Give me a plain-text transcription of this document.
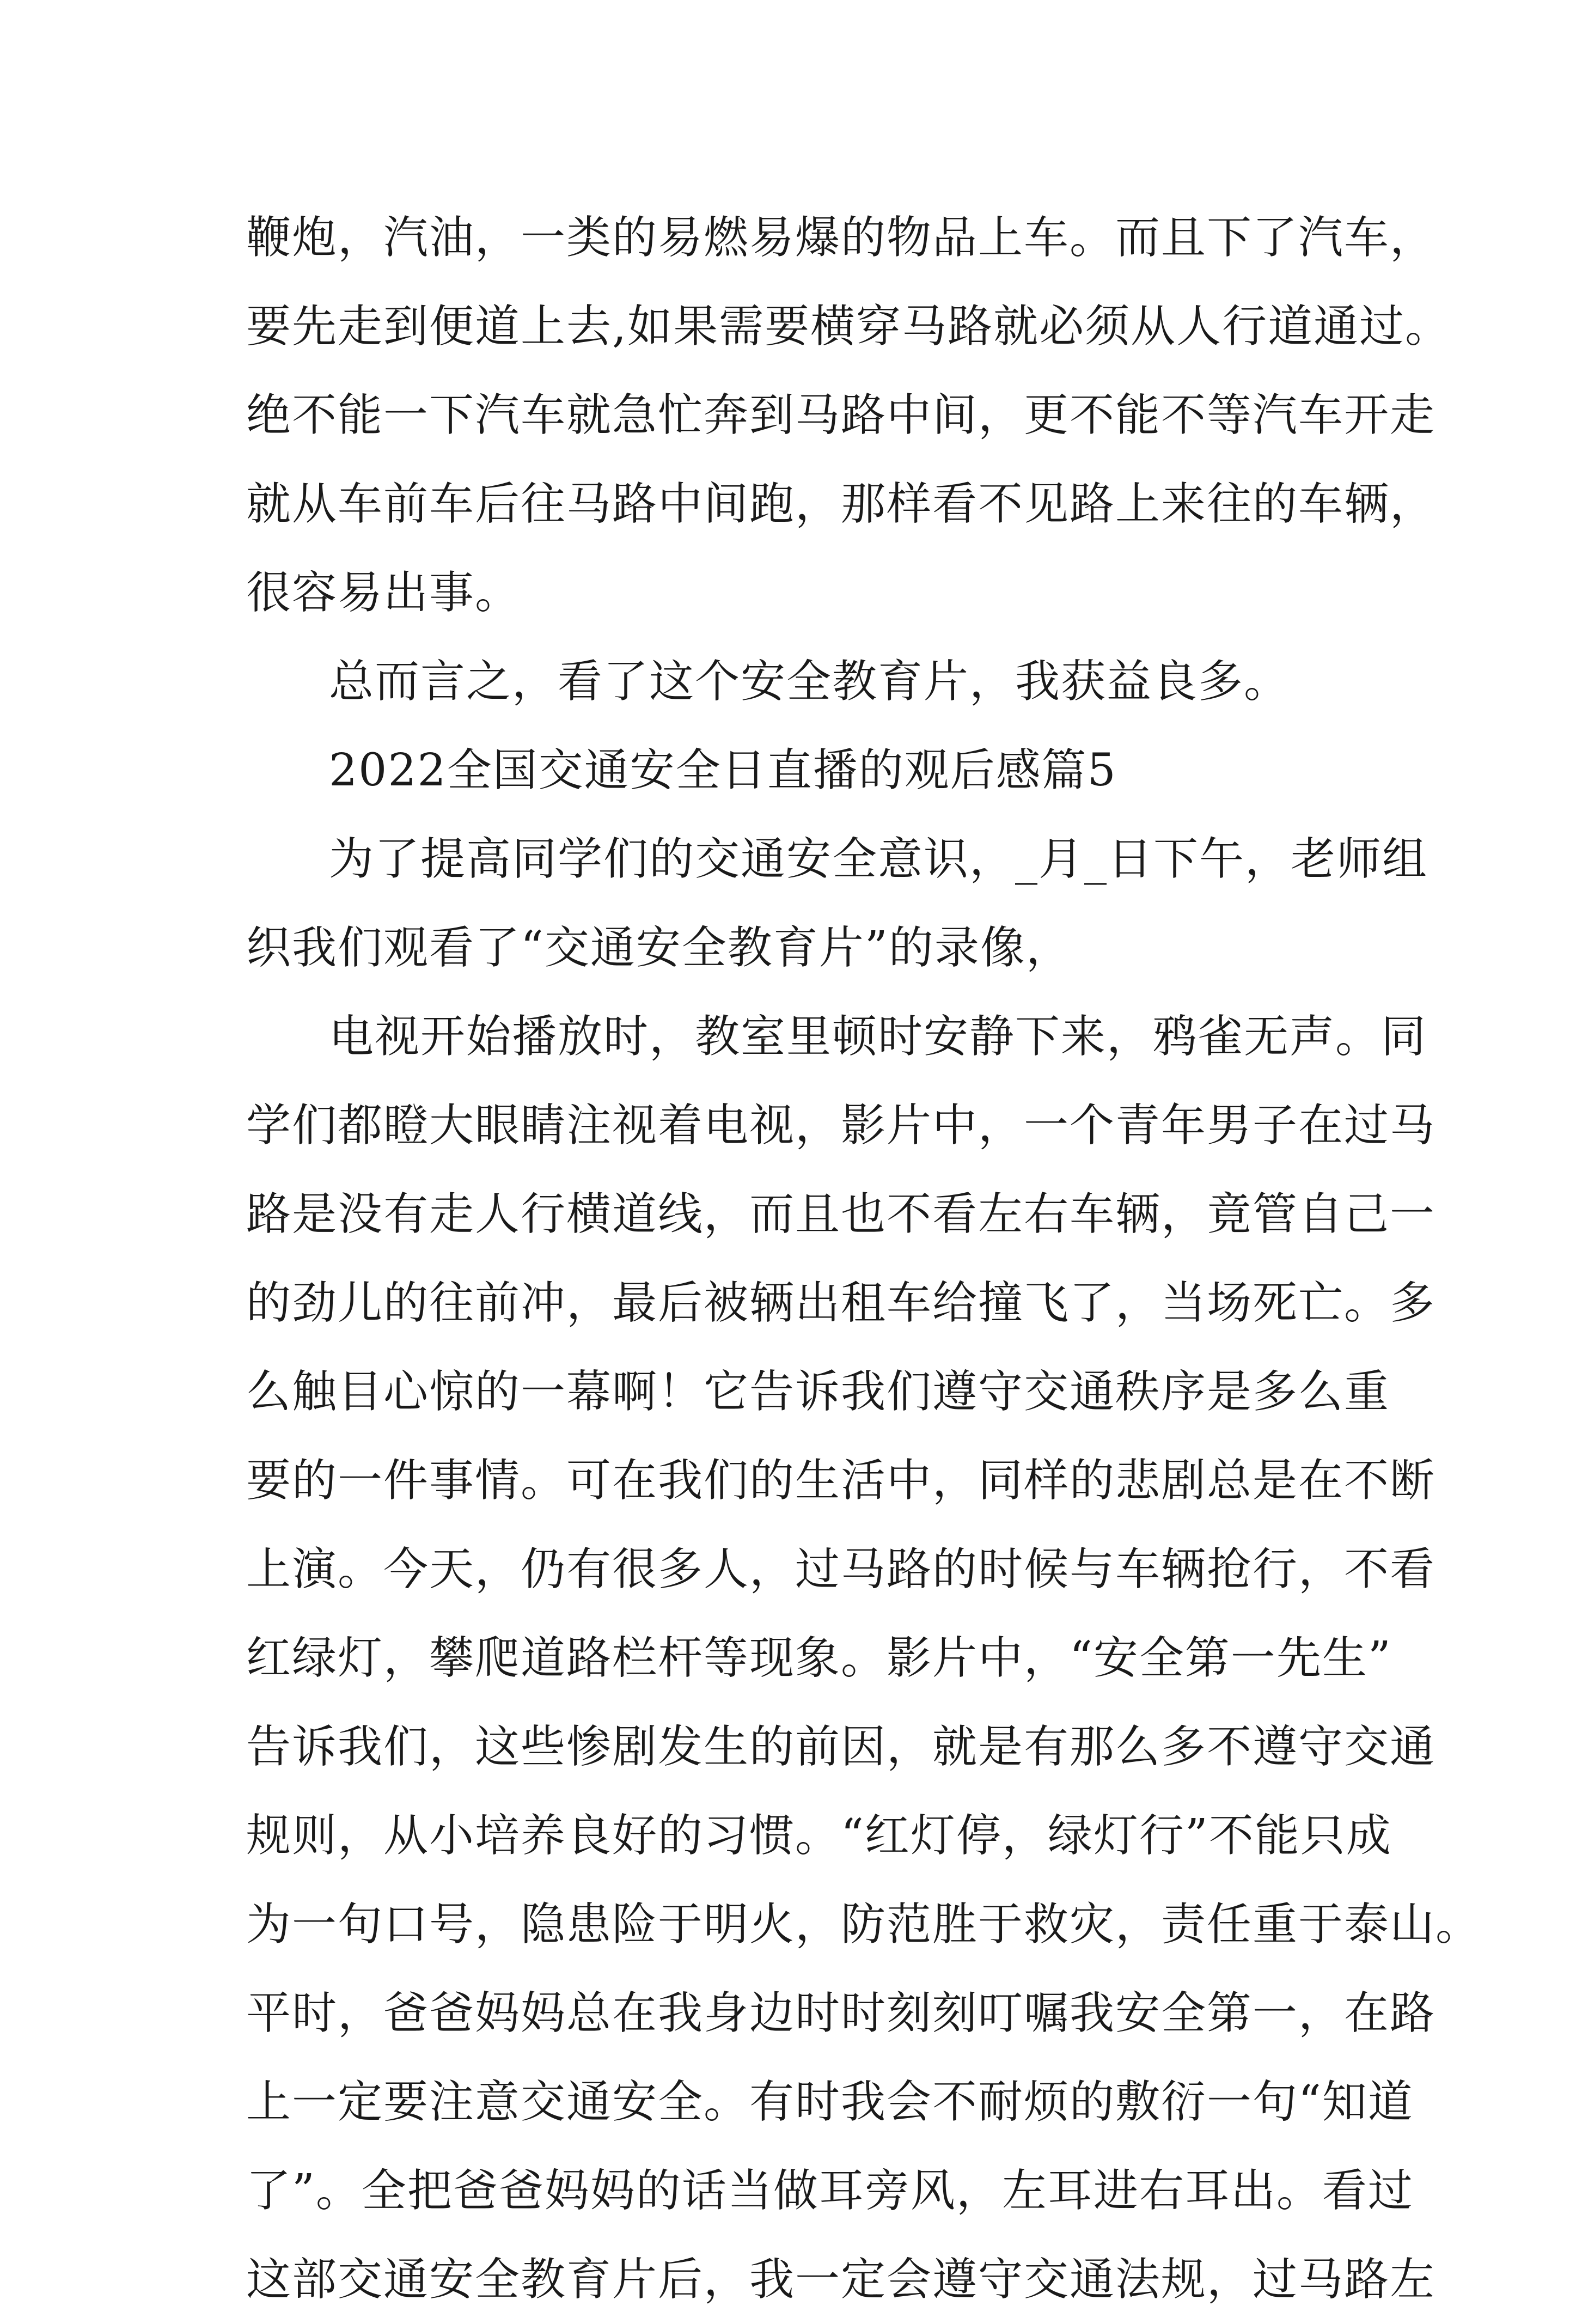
鞭炮，汽油，一类的易燃易爆的物品上车。而且下了汽车，
要先走到便道上去,如果需要横穿马路就必须从人行道通过。
绝不能一下汽车就急忙奔到马路中间，更不能不等汽车开走
就从车前车后往马路中间跑，那样看不见路上来往的车辆，
很容易出事。
总而言之，看了这个安全教育片，我获益良多。
2022全国交通安全日直播的观后感篇5
为了提高同学们的交通安全意识，_月_日下午，老师组
织我们观看了“交通安全教育片”的录像，
电视开始播放时，教室里顿时安静下来，鸦雀无声。同
学们都瞪大眼睛注视着电视，影片中，一个青年男子在过马
路是没有走人行横道线，而且也不看左右车辆，竟管自己一
的劲儿的往前冲，最后被辆出租车给撞飞了，当场死亡。多
么触目心惊的一幕啊！它告诉我们遵守交通秩序是多么重
要的一件事情。可在我们的生活中，同样的悲剧总是在不断
上演。今天，仍有很多人，过马路的时候与车辆抢行，不看
红绿灯，攀爬道路栏杆等现象。影片中，“安全第一先生”
告诉我们，这些惨剧发生的前因，就是有那么多不遵守交通
规则，从小培养良好的习惯。“红灯停，绿灯行”不能只成
为一句口号，隐患险于明火，防范胜于救灾，责任重于泰山。
平时，爸爸妈妈总在我身边时时刻刻叮嘱我安全第一，在路
上一定要注意交通安全。有时我会不耐烦的敷衍一句“知道
了”。全把爸爸妈妈的话当做耳旁风，左耳进右耳出。看过
这部交通安全教育片后，我一定会遵守交通法规，过马路左
